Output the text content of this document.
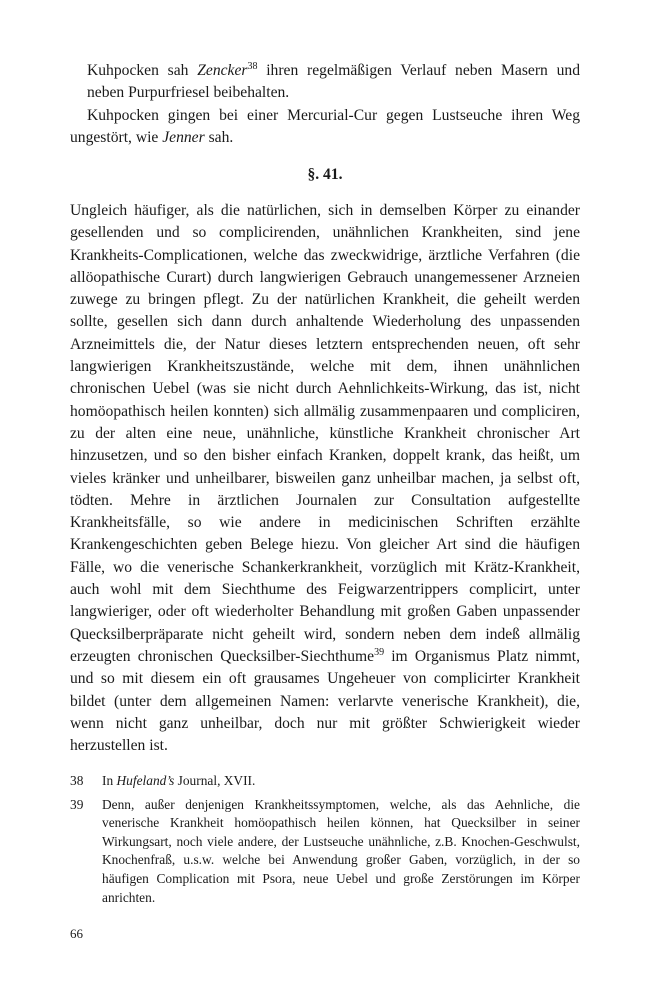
Kuhpocken sah Zencker$^{38}$ ihren regelmäßigen Verlauf neben Masern und neben Purpurfriesel beibehalten.

Kuhpocken gingen bei einer Mercurial-Cur gegen Lustseuche ihren Weg ungestört, wie Jenner sah.

§. 41.

Ungleich häufiger, als die natürlichen, sich in demselben Körper zu einander gesellenden und so complicirenden, unähnlichen Krankheiten, sind jene Krankheits-Complicationen, welche das zweckwidrige, ärztliche Verfahren (die allöopathische Curart) durch langwierigen Gebrauch unangemessener Arzneien zuwege zu bringen pflegt. Zu der natürlichen Krankheit, die geheilt werden sollte, gesellen sich dann durch anhaltende Wiederholung des unpassenden Arzneimittels die, der Natur dieses letztern entsprechenden neuen, oft sehr langwierigen Krankheitszustände, welche mit dem, ihnen unähnlichen chronischen Uebel (was sie nicht durch Aehnlichkeits-Wirkung, das ist, nicht homöopathisch heilen konnten) sich allmälig zusammenpaaren und compliciren, zu der alten eine neue, unähnliche, künstliche Krankheit chronischer Art hinzusetzen, und so den bisher einfach Kranken, doppelt krank, das heißt, um vieles kränker und unheilbarer, bisweilen ganz unheilbar machen, ja selbst oft, tödten. Mehre in ärztlichen Journalen zur Consultation aufgestellte Krankheitsfälle, so wie andere in medicinischen Schriften erzählte Krankengeschichten geben Belege hiezu. Von gleicher Art sind die häufigen Fälle, wo die venerische Schankerkrankheit, vorzüglich mit Krätz-Krankheit, auch wohl mit dem Siechthume des Feigwarzentrippers complicirt, unter langwieriger, oder oft wiederholter Behandlung mit großen Gaben unpassender Quecksilberpräparate nicht geheilt wird, sondern neben dem indeß allmälig erzeugten chronischen Quecksilber-Siechthume$^{39}$ im Organismus Platz nimmt, und so mit diesem ein oft grausames Ungeheuer von complicirter Krankheit bildet (unter dem allgemeinen Namen: verlarvte venerische Krankheit), die, wenn nicht ganz unheilbar, doch nur mit größter Schwierigkeit wieder herzustellen ist.

38	In Hufeland’s Journal, XVII.
39	Denn, außer denjenigen Krankheitssymptomen, welche, als das Aehnliche, die venerische Krankheit homöopathisch heilen können, hat Quecksilber in seiner Wirkungsart, noch viele andere, der Lustseuche unähnliche, z.B. Knochen-Geschwulst, Knochenfraß, u.s.w. welche bei Anwendung großer Gaben, vorzüglich, in der so häufigen Complication mit Psora, neue Uebel und große Zerstörungen im Körper anrichten.
66
